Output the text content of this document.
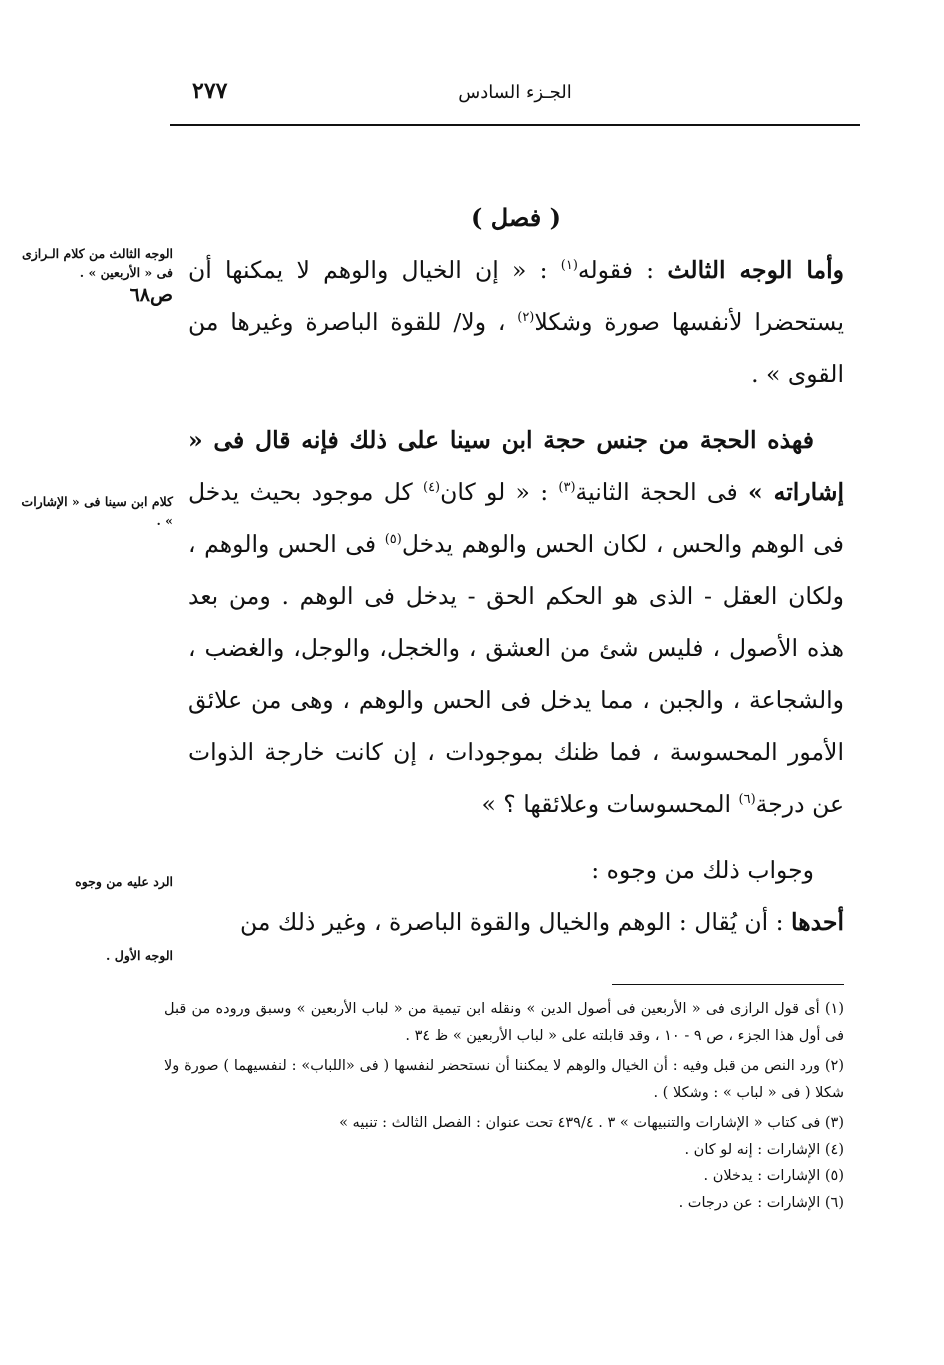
٢٧٧	الجـزء السادس

( فصل )

وأما الوجه الثالث : فقوله$^{(١)}$ : « إن الخيال والوهم لا يمكنها أن يستحضرا لأنفسها صورة وشكلا$^{(٢)}$ ، ولا/ للقوة الباصرة وغيرها من القوى » .

فهذه الحجة من جنس حجة ابن سينا على ذلك فإنه قال فى « إشاراته » فى الحجة الثانية$^{(٣)}$ : « لو كان$^{(٤)}$ كل موجود بحيث يدخل فى الوهم والحس ، لكان الحس والوهم يدخل$^{(٥)}$ فى الحس والوهم ، ولكان العقل - الذى هو الحكم الحق - يدخل فى الوهم . ومن بعد هذه الأصول ، فليس شئ من العشق ، والخجل، والوجل، والغضب ، والشجاعة ، والجبن ، مما يدخل فى الحس والوهم ، وهى من علائق الأمور المحسوسة ، فما ظنك بموجودات ، إن كانت خارجة الذوات عن درجة$^{(٦)}$ المحسوسات وعلائقها ؟ »

وجواب ذلك من وجوه :

أحدها : أن يُقال : الوهم والخيال والقوة الباصرة ، وغير ذلك من

الوجه الثالث من كلام الـرازى فى « الأربعين » .
ص٦٨
كلام ابن سينا فى « الإشارات » .
الرد عليه من وجوه
الوجه الأول .

(١) أى قول الرازى فى « الأربعين فى أصول الدين » ونقله ابن تيمية من « لباب الأربعين » وسبق وروده من قبل فى أول هذا الجزء ، ص ٩ - ١٠ ، وقد قابلته على « لباب الأربعين » ظ ٣٤ .

(٢) ورد النص من قبل وفيه : أن الخيال والوهم لا يمكننا أن نستحضر لنفسها ( فى «اللباب» : لنفسيهما ) صورة ولا شكلا ( فى « لباب » : وشكلا ) .

(٣) فى كتاب « الإشارات والتنبيهات » ٣ . ٤٣٩/٤ تحت عنوان : الفصل الثالث : تنبيه »

(٤) الإشارات : إنه لو كان .

(٥) الإشارات : يدخلان .

(٦) الإشارات : عن درجات .
